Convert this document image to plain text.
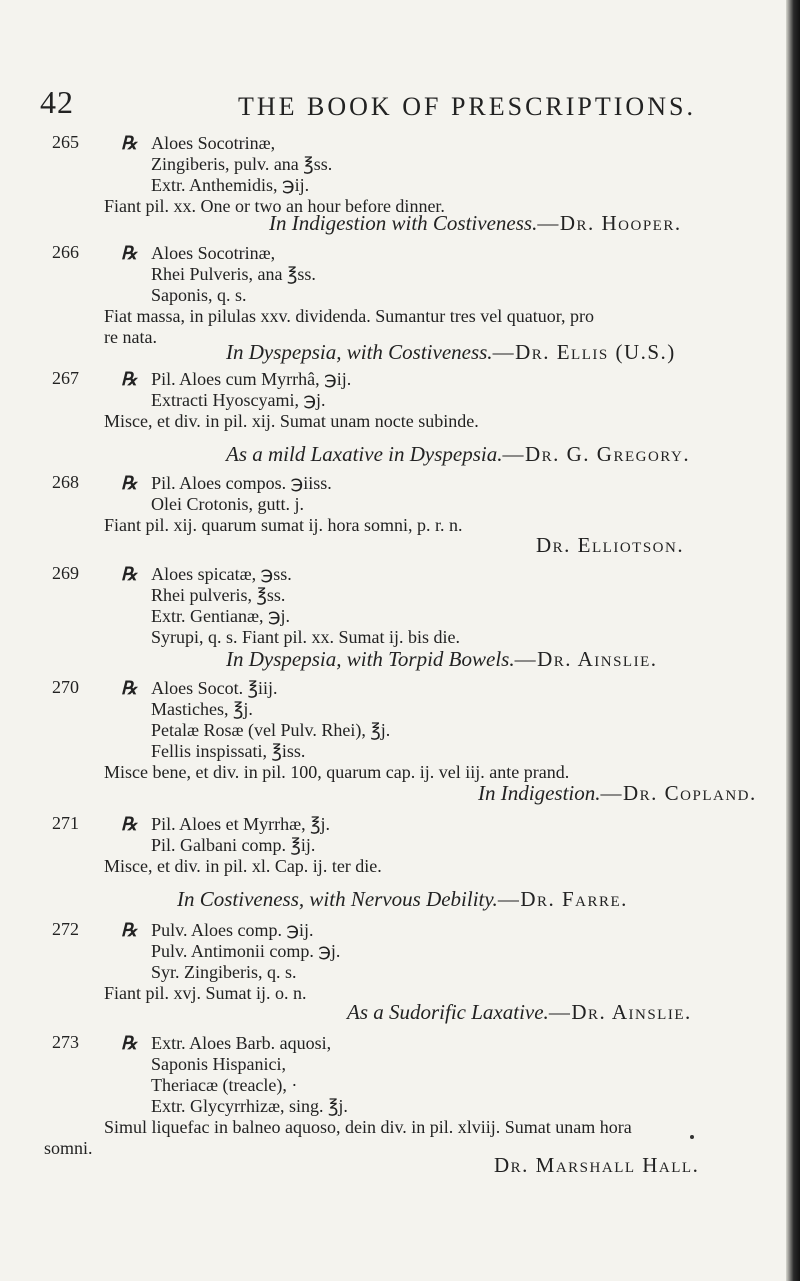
42	THE BOOK OF PRESCRIPTIONS.
265 ℞ Aloes Socotrinæ,
Zingiberis, pulv. ana ℥ss.
Extr. Anthemidis, ℈ij.
Fiant pil. xx. One or two an hour before dinner.
In Indigestion with Costiveness.—Dr. Hooper.
266 ℞ Aloes Socotrinæ,
Rhei Pulveris, ana ℥ss.
Saponis, q. s.
Fiat massa, in pilulas xxv. dividenda. Sumantur tres vel quatuor, pro
re nata.
In Dyspepsia, with Costiveness.—Dr. Ellis (U.S.)
267 ℞ Pil. Aloes cum Myrrhâ, ℈ij.
Extracti Hyoscyami, ℈j.
Misce, et div. in pil. xij. Sumat unam nocte subinde.
As a mild Laxative in Dyspepsia.—Dr. G. Gregory.
268 ℞ Pil. Aloes compos. ℈iiss.
Olei Crotonis, gutt. j.
Fiant pil. xij. quarum sumat ij. hora somni, p. r. n.
Dr. Elliotson.
269 ℞ Aloes spicatæ, ℈ss.
Rhei pulveris, ℥ss.
Extr. Gentianæ, ℈j.
Syrupi, q. s. Fiant pil. xx. Sumat ij. bis die.
In Dyspepsia, with Torpid Bowels.—Dr. Ainslie.
270 ℞ Aloes Socot. ℥iij.
Mastiches, ℥j.
Petalæ Rosæ (vel Pulv. Rhei), ℥j.
Fellis inspissati, ℥iss.
Misce bene, et div. in pil. 100, quarum cap. ij. vel iij. ante prand.
In Indigestion.—Dr. Copland.
271 ℞ Pil. Aloes et Myrrhæ, ℥j.
Pil. Galbani comp. ℥ij.
Misce, et div. in pil. xl. Cap. ij. ter die.
In Costiveness, with Nervous Debility.—Dr. Farre.
272 ℞ Pulv. Aloes comp. ℈ij.
Pulv. Antimonii comp. ℈j.
Syr. Zingiberis, q. s.
Fiant pil. xvj. Sumat ij. o. n.
As a Sudorific Laxative.—Dr. Ainslie.
273 ℞ Extr. Aloes Barb. aquosi,
Saponis Hispanici,
Theriacæ (treacle), ·
Extr. Glycyrrhizæ, sing. ℥j.
Simul liquefac in balneo aquoso, dein div. in pil. xlviij. Sumat unam hora
somni.
Dr. Marshall Hall.
